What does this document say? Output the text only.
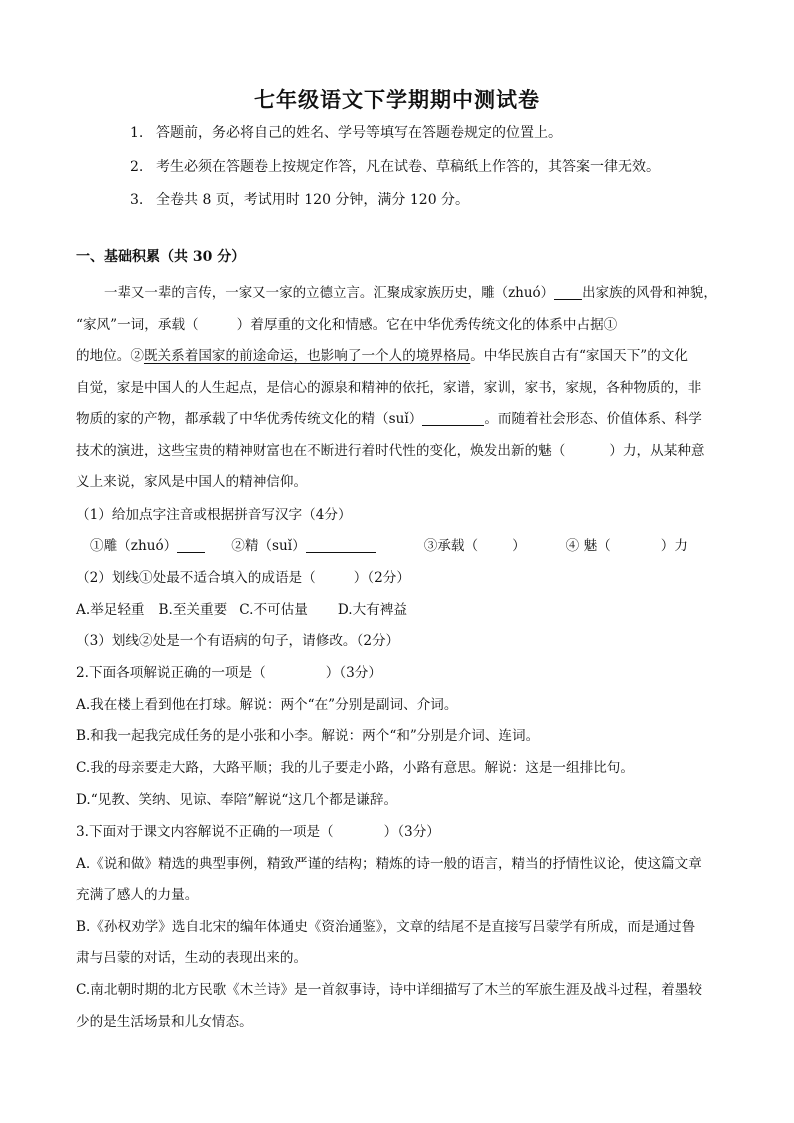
七年级语文下学期期中测试卷
1. 答题前，务必将自己的姓名、学号等填写在答题卷规定的位置上。
2. 考生必须在答题卷上按规定作答，凡在试卷、草稿纸上作答的，其答案一律无效。
3. 全卷共 8 页，考试用时 120 分钟，满分 120 分。
一、基础积累（共 30 分）
一辈又一辈的言传，一家又一家的立德立言。汇聚成家族历史，雕（zhuó） 出家族的风骨和神貌，
“家风”一词，承载（	）着厚重的文化和情感。它在中华优秀传统文化的体系中占据①
的地位。②既关系着国家的前途命运，也影响了一个人的境界格局。中华民族自古有“家国天下”的文化
自觉，家是中国人的人生起点，是信心的源泉和精神的依托，家谱，家训，家书，家规，各种物质的，非
物质的家的产物，都承载了中华优秀传统文化的精（suǐ）	。而随着社会形态、价值体系、科学
技术的演进，这些宝贵的精神财富也在不断进行着时代性的变化，焕发出新的魅（	）力，从某种意
义上来说，家风是中国人的精神信仰。
（1）给加点字注音或根据拼音写汉字（4分）
①雕（zhuó）	②精（suǐ）	③承载（	）	④ 魅（	）力
（2）划线①处最不适合填入的成语是（	）（2分）
A.举足轻重 B.至关重要 C.不可估量 D.大有裨益
（3）划线②处是一个有语病的句子，请修改。（2分）
2.下面各项解说正确的一项是（	）（3分）
A.我在楼上看到他在打球。解说：两个“在”分别是副词、介词。
B.和我一起我完成任务的是小张和小李。解说：两个“和”分别是介词、连词。
C.我的母亲要走大路，大路平顺；我的儿子要走小路，小路有意思。解说：这是一组排比句。
D.“见教、笑纳、见谅、奉陪”解说“这几个都是谦辞。
3.下面对于课文内容解说不正确的一项是（	）（3分）
A.《说和做》精选的典型事例，精致严谨的结构；精炼的诗一般的语言，精当的抒情性议论，使这篇文章
充满了感人的力量。
B.《孙权劝学》选自北宋的编年体通史《资治通鉴》，文章的结尾不是直接写吕蒙学有所成，而是通过鲁
肃与吕蒙的对话，生动的表现出来的。
C.南北朝时期的北方民歌《木兰诗》是一首叙事诗，诗中详细描写了木兰的军旅生涯及战斗过程，着墨较
少的是生活场景和儿女情态。
